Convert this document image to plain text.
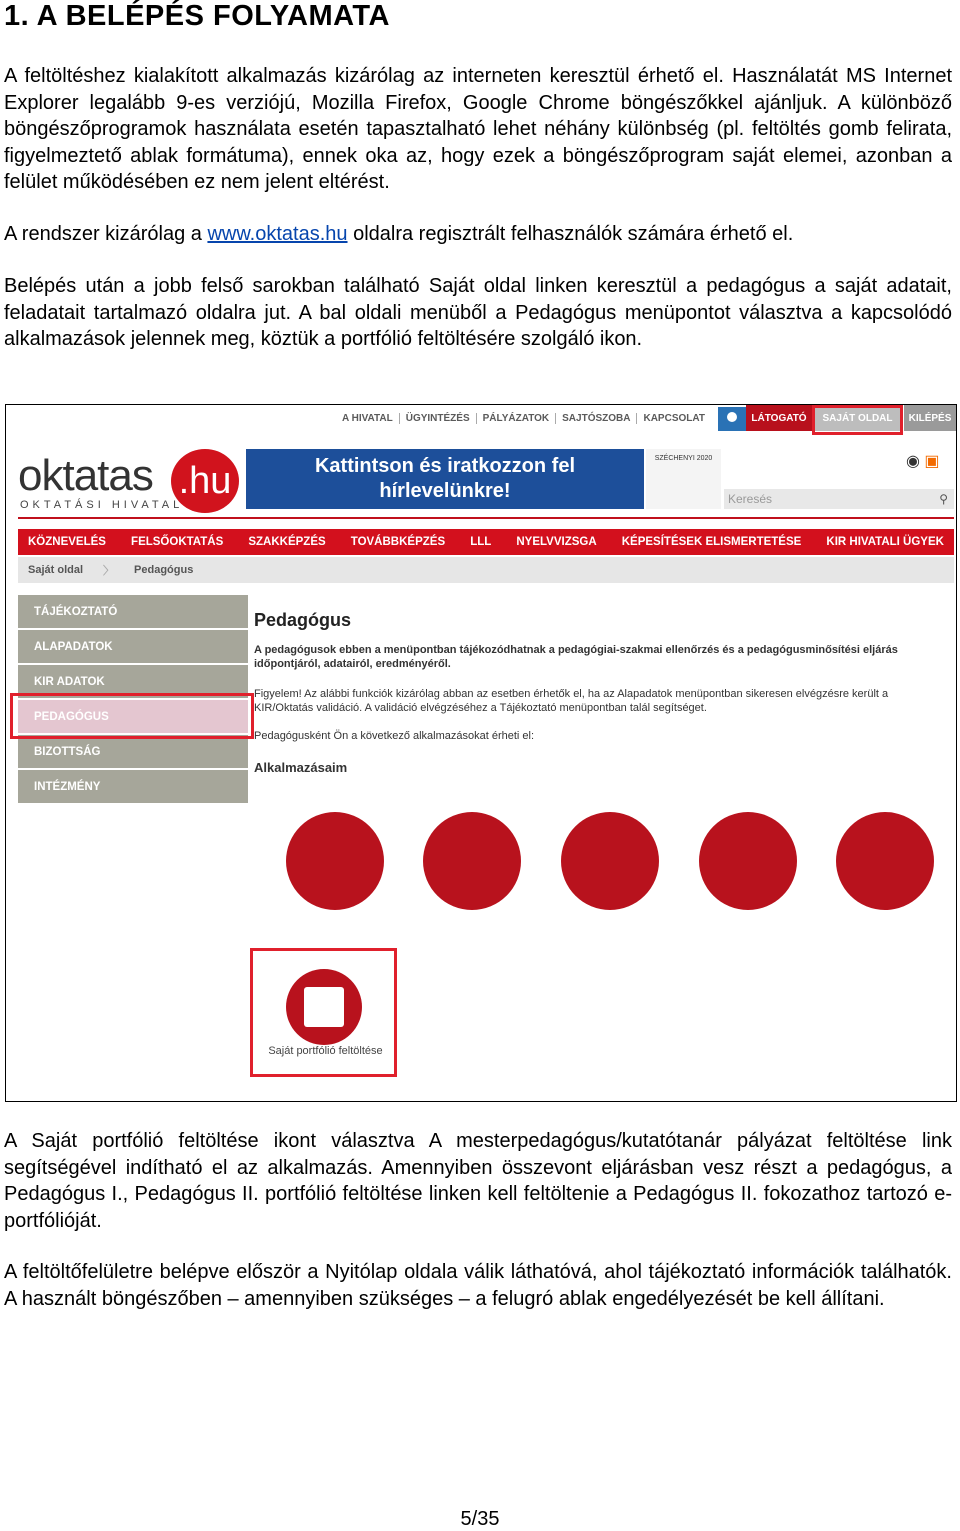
1. A BELÉPÉS FOLYAMATA
A feltöltéshez kialakított alkalmazás kizárólag az interneten keresztül érhető el. Használatát MS Internet Explorer legalább 9-es verziójú, Mozilla Firefox, Google Chrome böngészőkkel ajánljuk. A különböző böngészőprogramok használata esetén tapasztalható lehet néhány különbség (pl. feltöltés gomb felirata, figyelmeztető ablak formátuma), ennek oka az, hogy ezek a böngészőprogram saját elemei, azonban a felület működésében ez nem jelent eltérést.
A rendszer kizárólag a www.oktatas.hu oldalra regisztrált felhasználók számára érhető el.
Belépés után a jobb felső sarokban található Saját oldal linken keresztül a pedagógus a saját adatait, feladatait tartalmazó oldalra jut. A bal oldali menüből a Pedagógus menüpontot választva a kapcsolódó alkalmazások jelennek meg, köztük a portfólió feltöltésére szolgáló ikon.
A HIVATAL	ÜGYINTÉZÉS	PÁLYÁZATOK	SAJTÓSZOBA	KAPCSOLAT	LÁTOGATÓ	SAJÁT OLDAL	KILÉPÉS
oktatas .hu
OKTATÁSI HIVATAL
Kattintson és iratkozzon fel
hírlevelünkre!
SZÉCHENYI 2020	◉ ▣
Keresés	⚲
KÖZNEVELÉS FELSŐOKTATÁS SZAKKÉPZÉS TOVÁBBKÉPZÉS LLL NYELVVIZSGA KÉPESÍTÉSEK ELISMERTETÉSE KIR HIVATALI ÜGYEK
Saját oldal	〉	Pedagógus
TÁJÉKOZTATÓ
ALAPADATOK
KIR ADATOK
PEDAGÓGUS
BIZOTTSÁG
INTÉZMÉNY
Pedagógus
A pedagógusok ebben a menüpontban tájékozódhatnak a pedagógiai-szakmai ellenőrzés és a pedagógusminősítési eljárás időpontjáról, adatairól, eredményéről.
Figyelem! Az alábbi funkciók kizárólag abban az esetben érhetők el, ha az Alapadatok menüpontban sikeresen elvégzésre került a KIR/Oktatás validáció. A validáció elvégzéséhez a Tájékoztató menüpontban talál segítséget.
Pedagógusként Ön a következő alkalmazásokat érheti el:
Alkalmazásaim
Saját portfólió feltöltése
A Saját portfólió feltöltése ikont választva A mesterpedagógus/kutatótanár pályázat feltöltése link segítségével indítható el az alkalmazás. Amennyiben összevont eljárásban vesz részt a pedagógus, a Pedagógus I., Pedagógus II. portfólió feltöltése linken kell feltöltenie a Pedagógus II. fokozathoz tartozó e-portfólióját.
A feltöltőfelületre belépve először a Nyitólap oldala válik láthatóvá, ahol tájékoztató információk találhatók. A használt böngészőben – amennyiben szükséges – a felugró ablak engedélyezését be kell állítani.
5/35
